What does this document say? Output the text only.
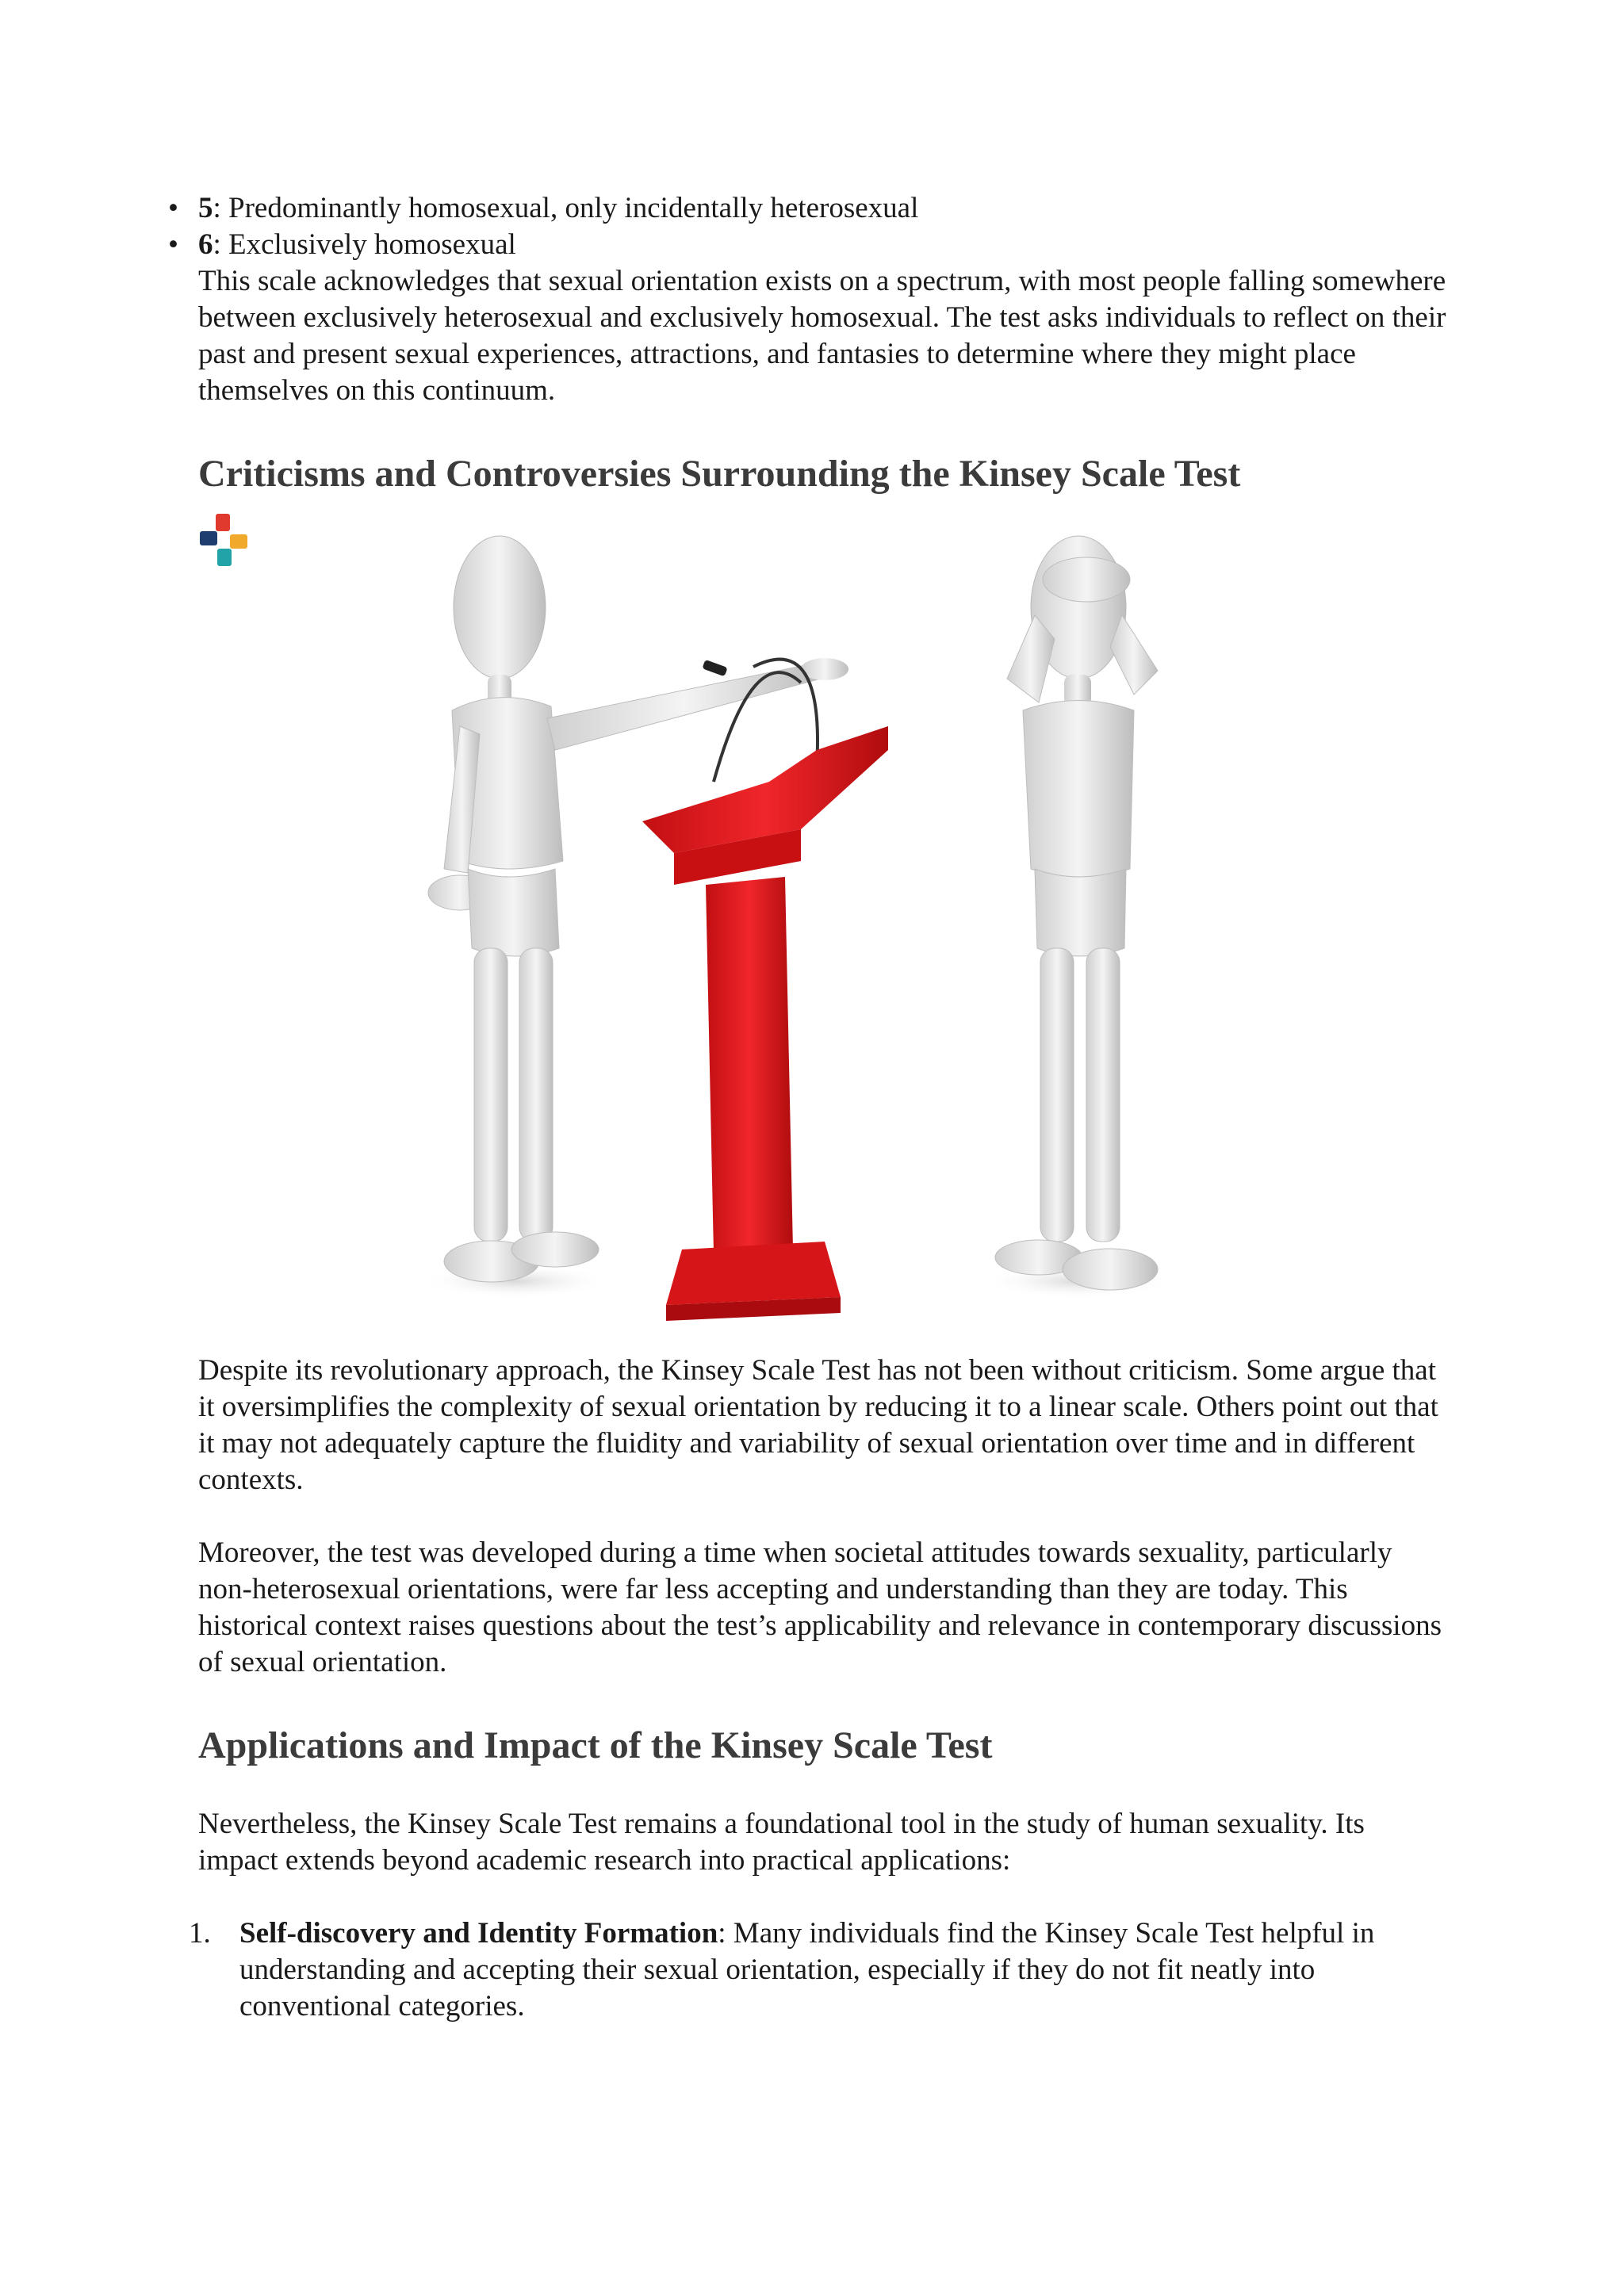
• 5: Predominantly homosexual, only incidentally heterosexual
• 6: Exclusively homosexual

This scale acknowledges that sexual orientation exists on a spectrum, with most people falling somewhere between exclusively heterosexual and exclusively homosexual. The test asks individuals to reflect on their past and present sexual experiences, attractions, and fantasies to determine where they might place themselves on this continuum.

Criticisms and Controversies Surrounding the Kinsey Scale Test

Despite its revolutionary approach, the Kinsey Scale Test has not been without criticism. Some argue that it oversimplifies the complexity of sexual orientation by reducing it to a linear scale. Others point out that it may not adequately capture the fluidity and variability of sexual orientation over time and in different contexts.

Moreover, the test was developed during a time when societal attitudes towards sexuality, particularly non-heterosexual orientations, were far less accepting and understanding than they are today. This historical context raises questions about the test’s applicability and relevance in contemporary discussions of sexual orientation.

Applications and Impact of the Kinsey Scale Test

Nevertheless, the Kinsey Scale Test remains a foundational tool in the study of human sexuality. Its impact extends beyond academic research into practical applications:

1. Self-discovery and Identity Formation: Many individuals find the Kinsey Scale Test helpful in understanding and accepting their sexual orientation, especially if they do not fit neatly into conventional categories.
